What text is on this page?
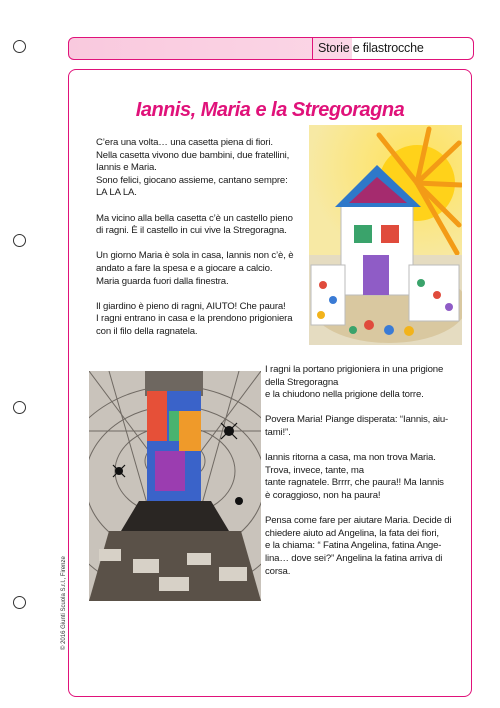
Storie e filastrocche
Iannis, Maria e la Stregoragna

C’era una volta… una casetta piena di fiori.
Nella casetta vivono due bambini, due fratellini,
Iannis e Maria.
Sono felici, giocano assieme, cantano sempre:
LA LA LA.

Ma vicino alla bella casetta c’è un castello pieno
di ragni. È il castello in cui vive la Stregoragna.

Un giorno Maria è sola in casa, Iannis non c’è, è
andato a fare la spesa e a giocare a calcio.
Maria guarda fuori dalla finestra.

Il giardino è pieno di ragni, AIUTO! Che paura!
I ragni entrano in casa e la prendono prigioniera
con il filo della ragnatela.

I ragni la portano prigioniera in una prigione
della Stregoragna
e la chiudono nella prigione della torre.

Povera Maria! Piange disperata: “Iannis, aiu-
tami!”.

Iannis ritorna a casa, ma non trova Maria.
Trova, invece, tante, ma
tante ragnatele. Brrrr, che paura!! Ma Iannis
è coraggioso, non ha paura!

Pensa come fare per aiutare Maria. Decide di
chiedere aiuto ad Angelina, la fata dei fiori,
e la chiama: “ Fatina Angelina, fatina Ange-
lina… dove sei?” Angelina la fatina arriva di
corsa.

© 2016 Giunti Scuola S.r.l., Firenze
